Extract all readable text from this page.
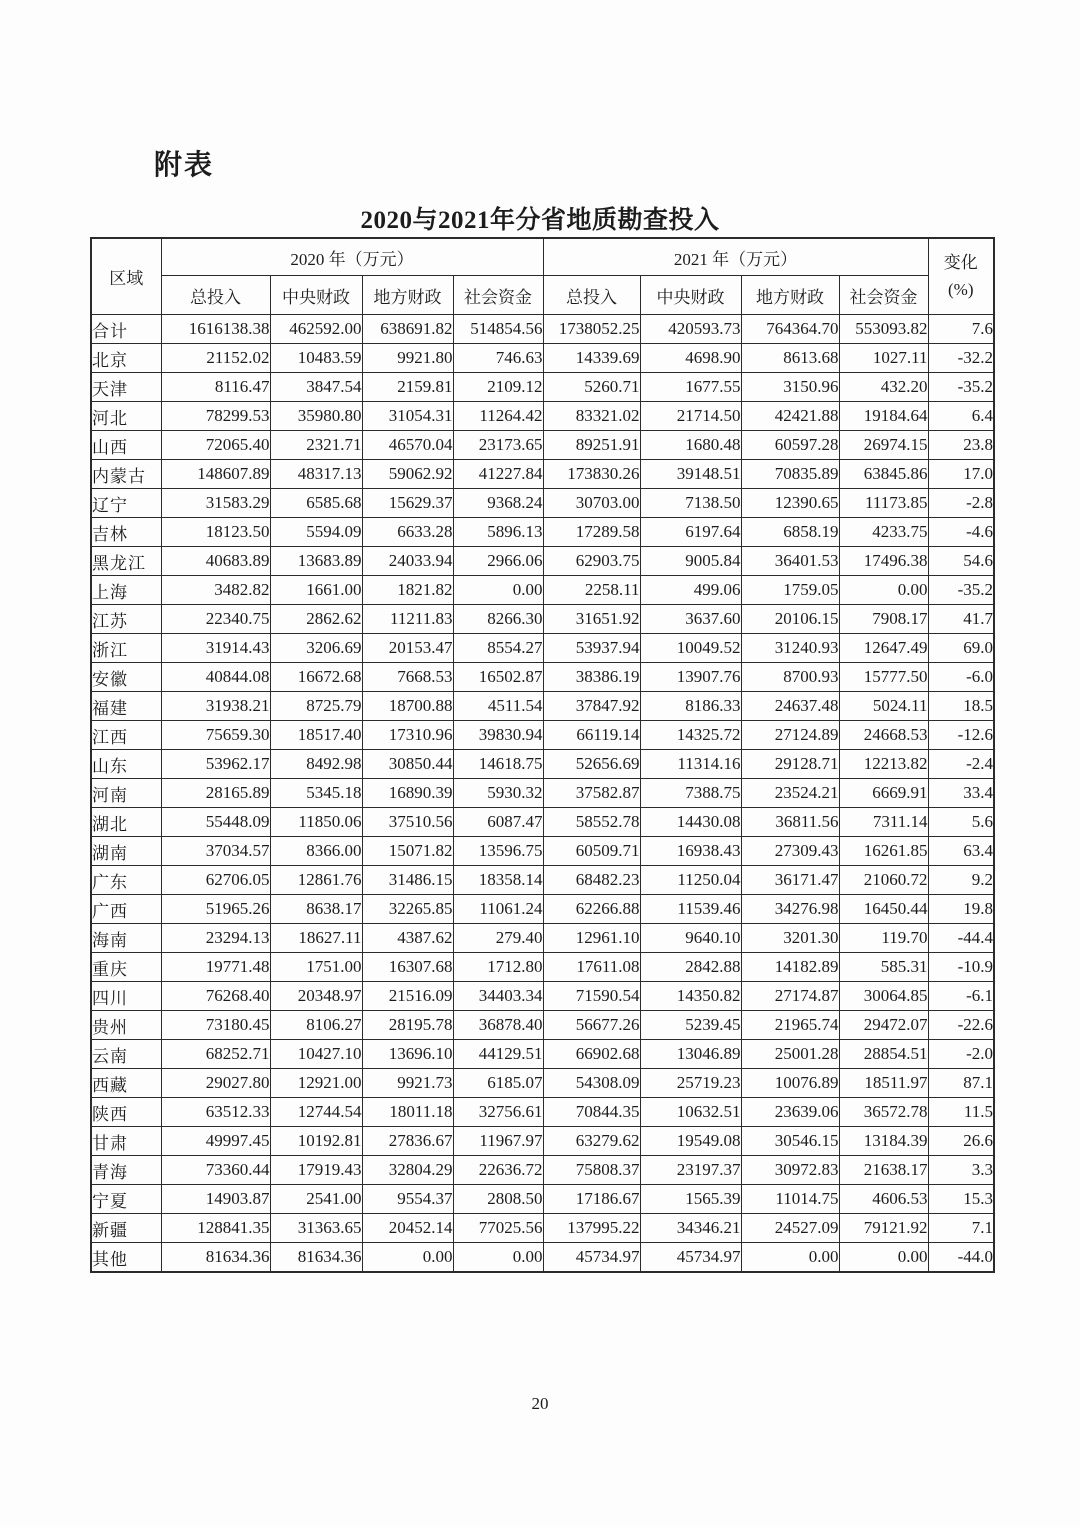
附表
2020与2021年分省地质勘查投入
区域	2020 年（万元）				2021 年（万元）				变化
(%)

	总投入	中央财政	地方财政	社会资金	总投入	中央财政	地方财政	社会资金	
合计	1616138.38	462592.00	638691.82	514854.56	1738052.25	420593.73	764364.70	553093.82	7.6
北京	21152.02	10483.59	9921.80	746.63	14339.69	4698.90	8613.68	1027.11	-32.2
天津	8116.47	3847.54	2159.81	2109.12	5260.71	1677.55	3150.96	432.20	-35.2
河北	78299.53	35980.80	31054.31	11264.42	83321.02	21714.50	42421.88	19184.64	6.4
山西	72065.40	2321.71	46570.04	23173.65	89251.91	1680.48	60597.28	26974.15	23.8
内蒙古	148607.89	48317.13	59062.92	41227.84	173830.26	39148.51	70835.89	63845.86	17.0
辽宁	31583.29	6585.68	15629.37	9368.24	30703.00	7138.50	12390.65	11173.85	-2.8
吉林	18123.50	5594.09	6633.28	5896.13	17289.58	6197.64	6858.19	4233.75	-4.6
黑龙江	40683.89	13683.89	24033.94	2966.06	62903.75	9005.84	36401.53	17496.38	54.6
上海	3482.82	1661.00	1821.82	0.00	2258.11	499.06	1759.05	0.00	-35.2
江苏	22340.75	2862.62	11211.83	8266.30	31651.92	3637.60	20106.15	7908.17	41.7
浙江	31914.43	3206.69	20153.47	8554.27	53937.94	10049.52	31240.93	12647.49	69.0
安徽	40844.08	16672.68	7668.53	16502.87	38386.19	13907.76	8700.93	15777.50	-6.0
福建	31938.21	8725.79	18700.88	4511.54	37847.92	8186.33	24637.48	5024.11	18.5
江西	75659.30	18517.40	17310.96	39830.94	66119.14	14325.72	27124.89	24668.53	-12.6
山东	53962.17	8492.98	30850.44	14618.75	52656.69	11314.16	29128.71	12213.82	-2.4
河南	28165.89	5345.18	16890.39	5930.32	37582.87	7388.75	23524.21	6669.91	33.4
湖北	55448.09	11850.06	37510.56	6087.47	58552.78	14430.08	36811.56	7311.14	5.6
湖南	37034.57	8366.00	15071.82	13596.75	60509.71	16938.43	27309.43	16261.85	63.4
广东	62706.05	12861.76	31486.15	18358.14	68482.23	11250.04	36171.47	21060.72	9.2
广西	51965.26	8638.17	32265.85	11061.24	62266.88	11539.46	34276.98	16450.44	19.8
海南	23294.13	18627.11	4387.62	279.40	12961.10	9640.10	3201.30	119.70	-44.4
重庆	19771.48	1751.00	16307.68	1712.80	17611.08	2842.88	14182.89	585.31	-10.9
四川	76268.40	20348.97	21516.09	34403.34	71590.54	14350.82	27174.87	30064.85	-6.1
贵州	73180.45	8106.27	28195.78	36878.40	56677.26	5239.45	21965.74	29472.07	-22.6
云南	68252.71	10427.10	13696.10	44129.51	66902.68	13046.89	25001.28	28854.51	-2.0
西藏	29027.80	12921.00	9921.73	6185.07	54308.09	25719.23	10076.89	18511.97	87.1
陕西	63512.33	12744.54	18011.18	32756.61	70844.35	10632.51	23639.06	36572.78	11.5
甘肃	49997.45	10192.81	27836.67	11967.97	63279.62	19549.08	30546.15	13184.39	26.6
青海	73360.44	17919.43	32804.29	22636.72	75808.37	23197.37	30972.83	21638.17	3.3
宁夏	14903.87	2541.00	9554.37	2808.50	17186.67	1565.39	11014.75	4606.53	15.3
新疆	128841.35	31363.65	20452.14	77025.56	137995.22	34346.21	24527.09	79121.92	7.1
其他	81634.36	81634.36	0.00	0.00	45734.97	45734.97	0.00	0.00	-44.0
20
